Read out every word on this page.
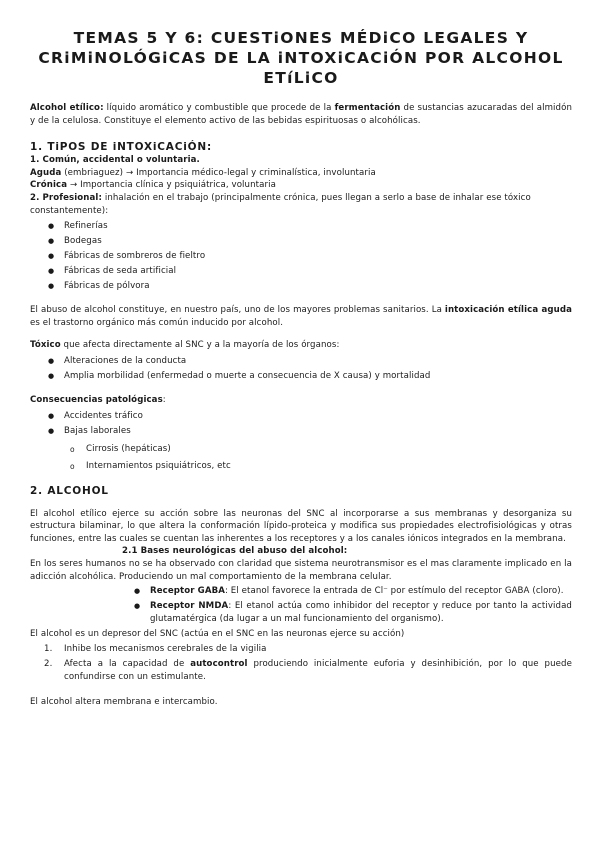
TEMAS 5 Y 6: CUESTiONES MÉDiCO LEGALES Y
CRiMiNOLÓGiCAS DE LA iNTOXiCACiÓN POR ALCOHOL
ETíLiCO

Alcohol etílico: líquido aromático y combustible que procede de la fermentación de sustancias azucaradas del almidón y de la celulosa. Constituye el elemento activo de las bebidas espirituosas o alcohólicas.

1. TiPOS DE iNTOXiCACiÓN:
1. Común, accidental o voluntaria.

Aguda (embriaguez) → Importancia médico-legal y criminalística, involuntaria

Crónica → Importancia clínica y psiquiátrica, voluntaria

2. Profesional: inhalación en el trabajo (principalmente crónica, pues llegan a serlo a base de inhalar ese tóxico constantemente):

● Refinerías
● Bodegas
● Fábricas de sombreros de fieltro
● Fábricas de seda artificial
● Fábricas de pólvora

El abuso de alcohol constituye, en nuestro país, uno de los mayores problemas sanitarios. La intoxicación etílica aguda es el trastorno orgánico más común inducido por alcohol.

Tóxico que afecta directamente al SNC y a la mayoría de los órganos:

● Alteraciones de la conducta
● Amplia morbilidad (enfermedad o muerte a consecuencia de X causa) y mortalidad

Consecuencias patológicas:

● Accidentes tráfico
● Bajas laborales
o Cirrosis (hepáticas)
o Internamientos psiquiátricos, etc
2. ALCOHOL

El alcohol etílico ejerce su acción sobre las neuronas del SNC al incorporarse a sus membranas y desorganiza su estructura bilaminar, lo que altera la conformación lípido-proteica y modifica sus propiedades electrofisiológicas y otras funciones, entre las cuales se cuentan las inherentes a los receptores y a los canales iónicos integrados en la membrana.

2.1 Bases neurológicas del abuso del alcohol:

En los seres humanos no se ha observado con claridad que sistema neurotransmisor es el mas claramente implicado en la adicción alcohólica. Produciendo un mal comportamiento de la membrana celular.

● Receptor GABA: El etanol favorece la entrada de Cl⁻ por estímulo del receptor GABA (cloro).
● Receptor NMDA: El etanol actúa como inhibidor del receptor y reduce por tanto la actividad glutamatérgica (da lugar a un mal funcionamiento del organismo).

El alcohol es un depresor del SNC (actúa en el SNC en las neuronas ejerce su acción)

1. Inhibe los mecanismos cerebrales de la vigilia
2. Afecta a la capacidad de autocontrol produciendo inicialmente euforia y desinhibición, por lo que puede confundirse con un estimulante.

El alcohol altera membrana e intercambio.
